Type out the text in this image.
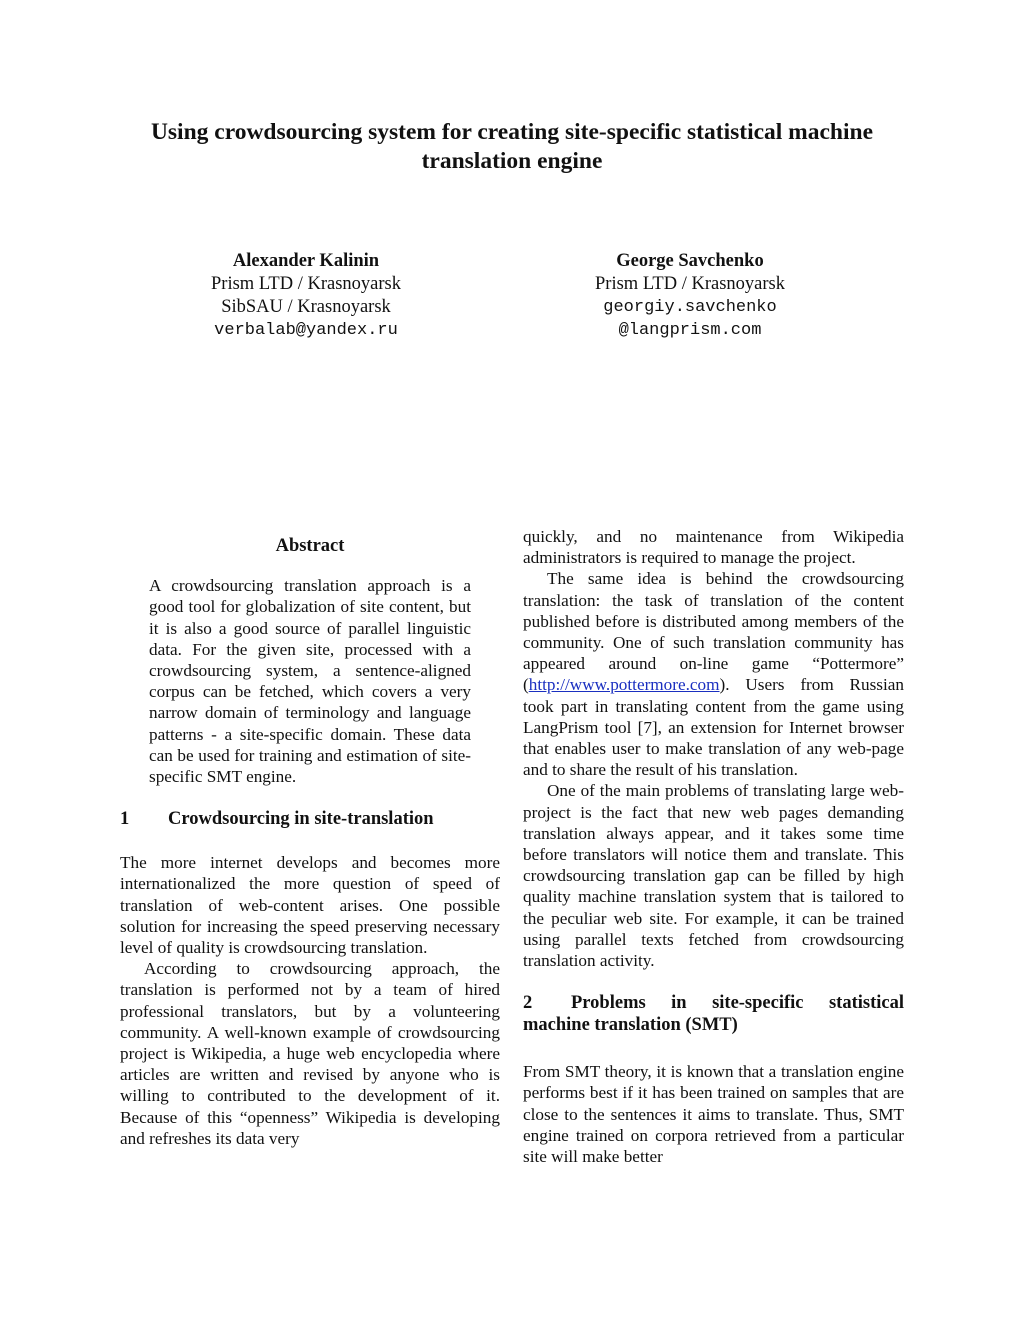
Using crowdsourcing system for creating site-specific statistical machine
translation engine
Alexander Kalinin
Prism LTD / Krasnoyarsk
SibSAU / Krasnoyarsk
verbalab@yandex.ru
George Savchenko
Prism LTD / Krasnoyarsk
georgiy.savchenko
@langprism.com
Abstract

A crowdsourcing translation approach is a good tool for globalization of site content, but it is also a good source of parallel linguistic data. For the given site, processed with a crowdsourcing system, a sentence-aligned corpus can be fetched, which covers a very narrow domain of terminology and language patterns - a site-specific domain. These data can be used for training and estimation of site-specific SMT engine.

1 Crowdsourcing in site-translation

The more internet develops and becomes more internationalized the more question of speed of translation of web-content arises. One possible solution for increasing the speed preserving necessary level of quality is crowdsourcing translation.

According to crowdsourcing approach, the translation is performed not by a team of hired professional translators, but by a volunteering community. A well-known example of crowdsourcing project is Wikipedia, a huge web encyclopedia where articles are written and revised by anyone who is willing to contributed to the development of it. Because of this “openness” Wikipedia is developing and refreshes its data very

quickly, and no maintenance from Wikipedia administrators is required to manage the project.

The same idea is behind the crowdsourcing translation: the task of translation of the content published before is distributed among members of the community. One of such translation community has appeared around on-line game “Pottermore” (http://www.pottermore.com). Users from Russian took part in translating content from the game using LangPrism tool [7], an extension for Internet browser that enables user to make translation of any web-page and to share the result of his translation.

One of the main problems of translating large web-project is the fact that new web pages demanding translation always appear, and it takes some time before translators will notice them and translate. This crowdsourcing translation gap can be filled by high quality machine translation system that is tailored to the peculiar web site. For example, it can be trained using parallel texts fetched from crowdsourcing translation activity.

2 Problems in site-specific statistical machine translation (SMT)

From SMT theory, it is known that a translation engine performs best if it has been trained on samples that are close to the sentences it aims to translate. Thus, SMT engine trained on corpora retrieved from a particular site will make better
